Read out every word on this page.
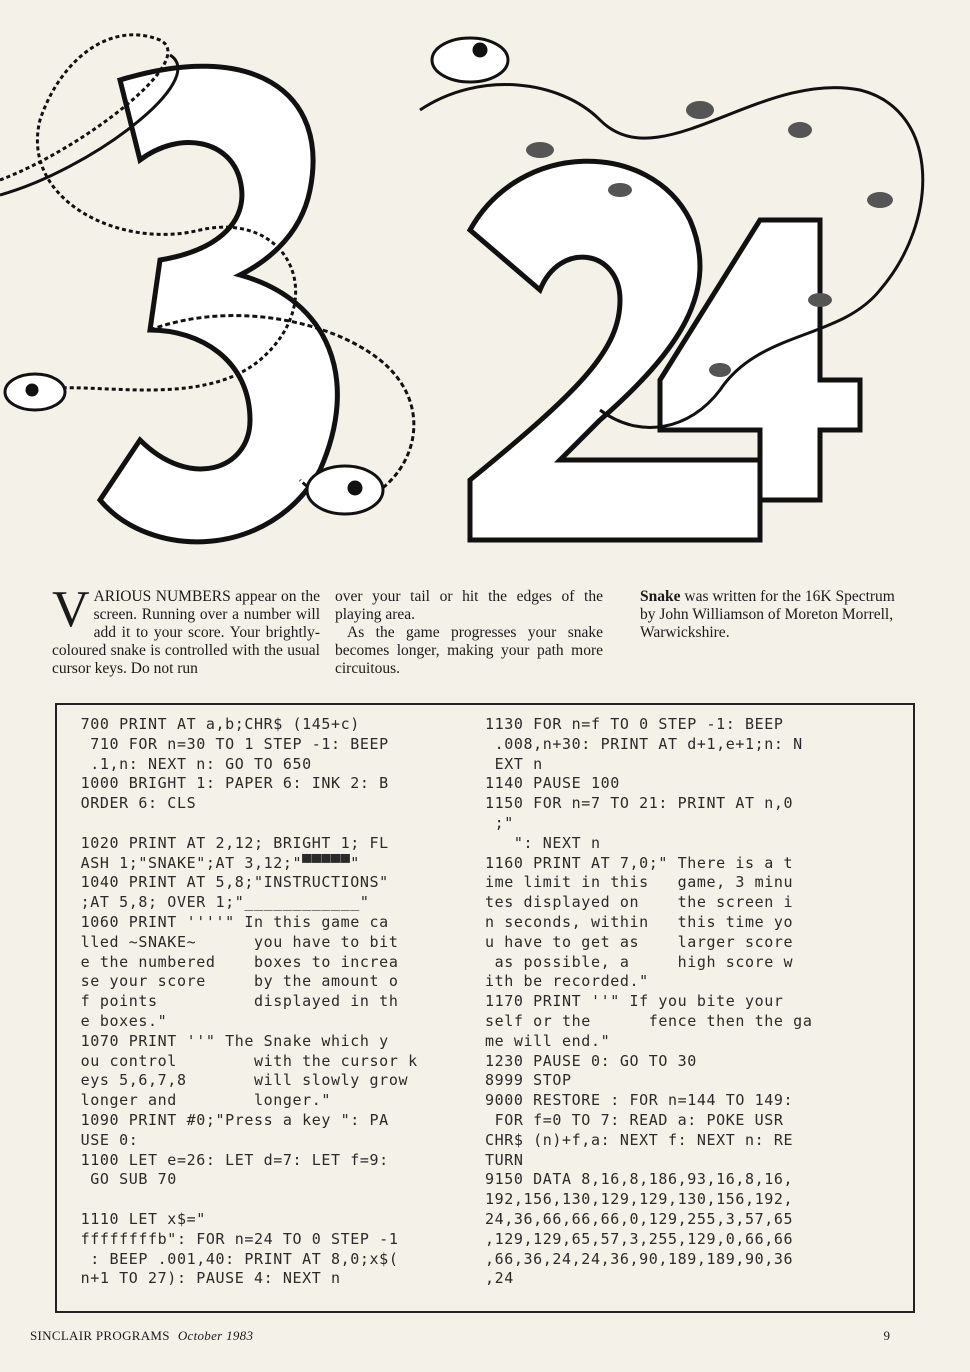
VARIOUS NUMBERS appear on the screen. Running over a number will add it to your score. Your brightly-coloured snake is controlled with the usual cursor keys. Do not run

over your tail or hit the edges of the playing area.

As the game progresses your snake becomes longer, making your path more circuitous.

Snake was written for the 16K Spectrum by John Williamson of Moreton Morrell, Warwickshire.
700 PRINT AT a,b;CHR$ (145+c)
710 FOR n=30 TO 1 STEP -1: BEEP
.1,n: NEXT n: GO TO 650
1000 BRIGHT 1: PAPER 6: INK 2: B
ORDER 6: CLS

1020 PRINT AT 2,12; BRIGHT 1; FL
ASH 1;"SNAKE";AT 3,12;"▀▀▀▀▀"
1040 PRINT AT 5,8;"INSTRUCTIONS"
;AT 5,8; OVER 1;"____________"
1060 PRINT ''''" In this game ca
lled ~SNAKE~      you have to bit
e the numbered    boxes to increa
se your score     by the amount o
f points          displayed in th
e boxes."
1070 PRINT ''" The Snake which y
ou control        with the cursor k
eys 5,6,7,8       will slowly grow
longer and        longer."
1090 PRINT #0;"Press a key ": PA
USE 0:
1100 LET e=26: LET d=7: LET f=9:
GO SUB 70

1110 LET x$="
ffffffffb": FOR n=24 TO 0 STEP -1
: BEEP .001,40: PRINT AT 8,0;x$(
n+1 TO 27): PAUSE 4: NEXT n
1130 FOR n=f TO 0 STEP -1: BEEP
.008,n+30: PRINT AT d+1,e+1;n: N
EXT n
1140 PAUSE 100
1150 FOR n=7 TO 21: PRINT AT n,0
;"
": NEXT n
1160 PRINT AT 7,0;" There is a t
ime limit in this   game, 3 minu
tes displayed on    the screen i
n seconds, within   this time yo
u have to get as    larger score
as possible, a     high score w
ith be recorded."
1170 PRINT ''" If you bite your
self or the      fence then the ga
me will end."
1230 PAUSE 0: GO TO 30
8999 STOP
9000 RESTORE : FOR n=144 TO 149:
FOR f=0 TO 7: READ a: POKE USR
CHR$ (n)+f,a: NEXT f: NEXT n: RE
TURN
9150 DATA 8,16,8,186,93,16,8,16,
192,156,130,129,129,130,156,192,
24,36,66,66,66,0,129,255,3,57,65
,129,129,65,57,3,255,129,0,66,66
,66,36,24,24,36,90,189,189,90,36
,24
SINCLAIR PROGRAMS October 1983	9
